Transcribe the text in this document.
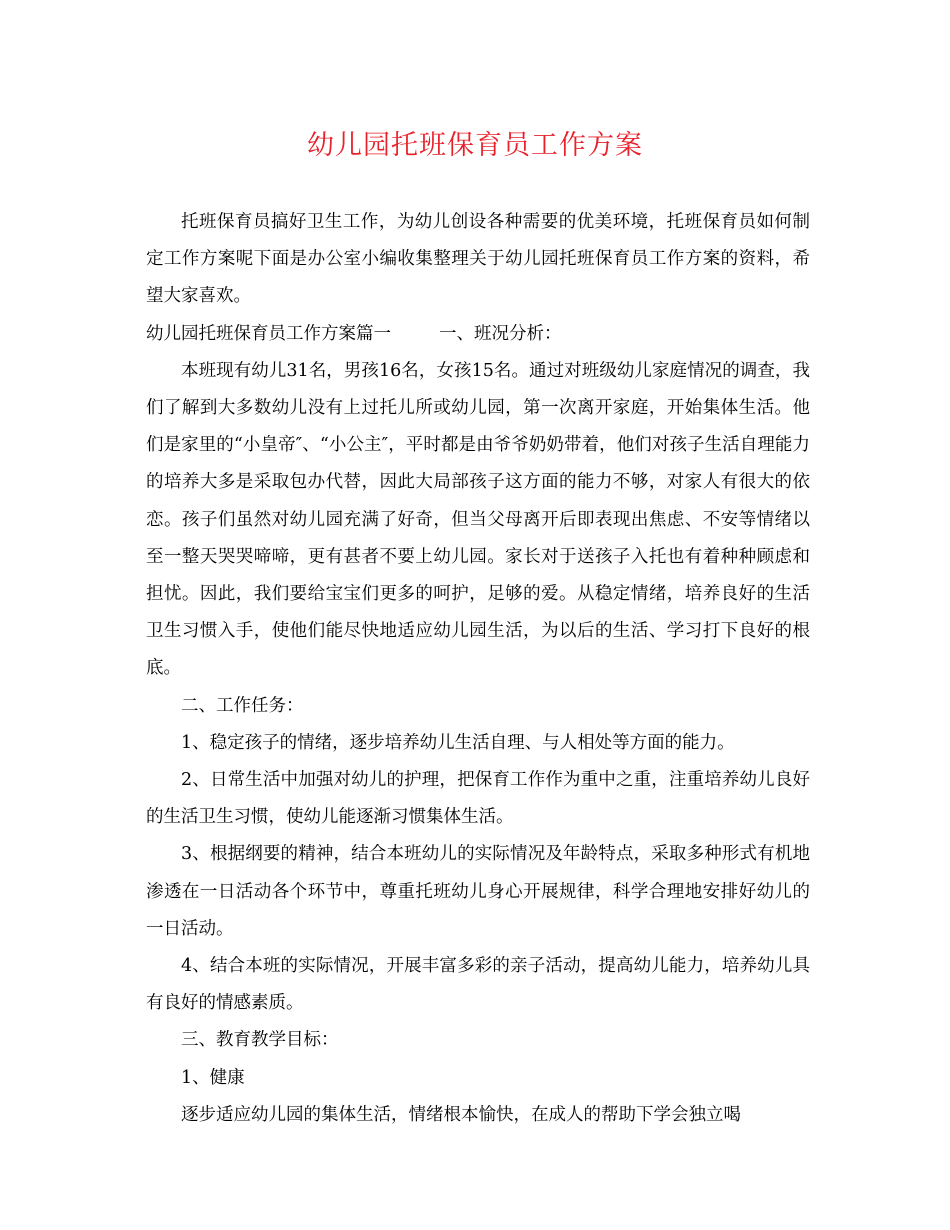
幼儿园托班保育员工作方案

托班保育员搞好卫生工作，为幼儿创设各种需要的优美环境，托班保育员如何制定工作方案呢下面是办公室小编收集整理关于幼儿园托班保育员工作方案的资料，希望大家喜欢。

幼儿园托班保育员工作方案篇一	一、班况分析：

本班现有幼儿31名，男孩16名，女孩15名。通过对班级幼儿家庭情况的调查，我们了解到大多数幼儿没有上过托儿所或幼儿园，第一次离开家庭，开始集体生活。他们是家里的“小皇帝″、“小公主″，平时都是由爷爷奶奶带着，他们对孩子生活自理能力的培养大多是采取包办代替，因此大局部孩子这方面的能力不够，对家人有很大的依恋。孩子们虽然对幼儿园充满了好奇，但当父母离开后即表现出焦虑、不安等情绪以至一整天哭哭啼啼，更有甚者不要上幼儿园。家长对于送孩子入托也有着种种顾虑和担忧。因此，我们要给宝宝们更多的呵护，足够的爱。从稳定情绪，培养良好的生活卫生习惯入手，使他们能尽快地适应幼儿园生活，为以后的生活、学习打下良好的根底。

二、工作任务：

1、稳定孩子的情绪，逐步培养幼儿生活自理、与人相处等方面的能力。

2、日常生活中加强对幼儿的护理，把保育工作作为重中之重，注重培养幼儿良好的生活卫生习惯，使幼儿能逐渐习惯集体生活。

3、根据纲要的精神，结合本班幼儿的实际情况及年龄特点，采取多种形式有机地渗透在一日活动各个环节中，尊重托班幼儿身心开展规律，科学合理地安排好幼儿的一日活动。

4、结合本班的实际情况，开展丰富多彩的亲子活动，提高幼儿能力，培养幼儿具有良好的情感素质。

三、教育教学目标：

1、健康

逐步适应幼儿园的集体生活，情绪根本愉快，在成人的帮助下学会独立喝
